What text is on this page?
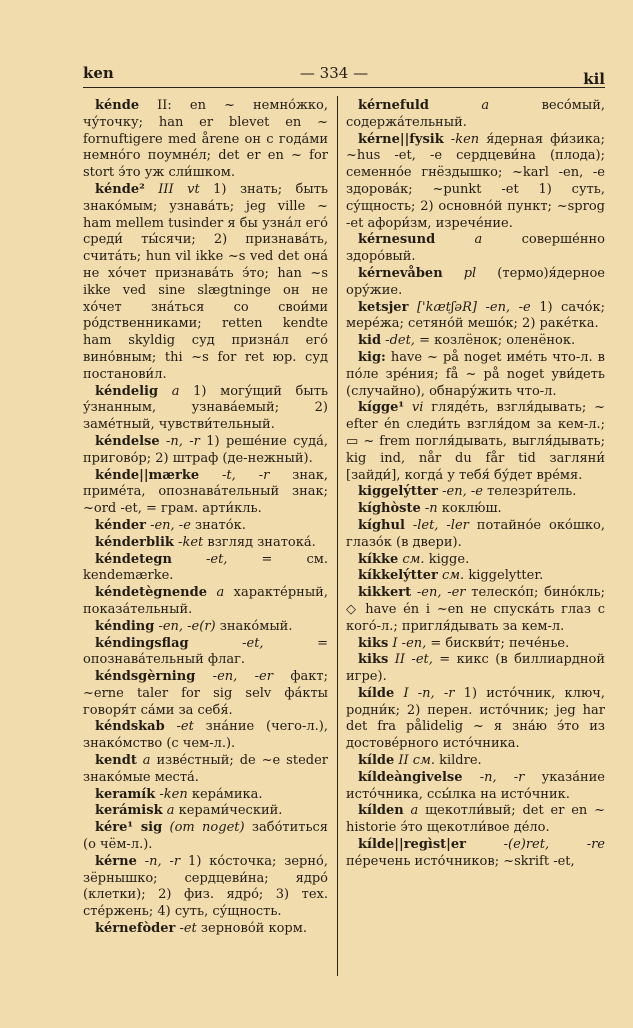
ken	— 334 —	kil

kénde II: en ~ немно́жко, чу́точку; han er blevet en ~ fornuftigere med årene он с года́ми немно́го поумне́л; det er en ~ for stort э́то уж сли́шком.

kénde² III vt 1) знать; быть знако́мым; узнава́ть; jeg ville ~ ham mellem tusinder я бы узна́л его́ среди́ ты́сячи; 2) признава́ть, счита́ть; hun vil ikke ~s ved det она́ не хо́чет признава́ть э́то; han ~s ikke ved sine slægtninge он не хо́чет зна́ться со свои́ми ро́дственниками; retten kendte ham skyldig суд призна́л его́ вино́вным; thi ~s for ret юр. суд постанови́л.

kéndelig a 1) могу́щий быть у́знанным, узнава́емый; 2) заме́тный, чувстви́тельный.

kéndelse -n, -r 1) реше́ние суда́, пригово́р; 2) штраф (де-нежный).

kénde||mærke -t, -r знак, приме́та, опознава́тельный знак; ~ord -et, = грам. арти́кль.

kénder -en, -e знато́к.

kénderblik -ket взгляд знатока́.

kéndetegn -et, = см. kendemærke.

kéndetègnende a характе́рный, показа́тельный.

kénding -en, -e(r) знако́мый.

kéndingsflag -et, = опознава́тельный флаг.

kéndsgèrning -en, -er факт; ~erne taler for sig selv фа́кты говоря́т са́ми за себя́.

kéndskab -et зна́ние (чего-л.), знако́мство (с чем-л.).

kendt a изве́стный; de ~e steder знако́мые места́.

keramík -ken кера́мика.

kerámisk a керами́ческий.

kére¹ sig (om noget) забо́титься (о чём-л.).

kérne -n, -r 1) ко́сточка; зерно́, зёрнышко; сердцеви́на; ядро́ (клетки); 2) физ. ядро́; 3) тех. сте́ржень; 4) суть, су́щность.

kérnefòder -et зерново́й корм.

kérnefuld a весо́мый, содержа́тельный.

kérne||fysik -ken я́дерная фи́зика; ~hus -et, -e сердцеви́на (плода); семенно́е гнёздышко; ~karl -en, -e здорова́к; ~punkt -et 1) суть, су́щность; 2) основно́й пункт; ~sprog -et афори́зм, изрече́ние.

kérnesund a соверше́нно здоро́вый.

kérnevåben pl (термо)я́дерное ору́жие.

ketsjer ['kætʃəR] -en, -e 1) сачо́к; мере́жа; сетяно́й мешо́к; 2) раке́тка.

kid -det, = козлёнок; оленёнок.

kig: have ~ på noget име́ть что-л. в по́ле зре́ния; få ~ på noget уви́деть (случайно), обнару́жить что-л.

kígge¹ vi глядéть, взгля́дывать; ~ efter én следи́ть взгля́дом за кем-л.; ▭ ~ frem погля́дывать, выгля́дывать; kig ind, når du får tid загляни́ [зайди́], когда́ у тебя́ бу́дет вре́мя.

kiggelýtter -en, -e телезри́тель.

kíghòste -n коклю́ш.

kíghul -let, -ler потайно́е око́шко, глазо́к (в двери).

kíkke см. kigge.

kíkkelýtter см. kiggelytter.

kikkert -en, -er телеско́п; бино́кль; ◇ have én i ~en не спуска́ть глаз с кого́-л.; пригля́дывать за кем-л.

kiks I -en, = бискви́т; пече́нье.

kiks II -et, = кикс (в биллиардной игре).

kílde I -n, -r 1) исто́чник, ключ, родни́к; 2) перен. исто́чник; jeg har det fra pålidelig ~ я зна́ю э́то из достове́рного исто́чника.

kílde II см. kildre.

kíldeàngivelse -n, -r указа́ние исто́чника, ссы́лка на исто́чник.

kílden a щекотли́вый; det er en ~ historie э́то щекотли́вое де́ло.

kílde||regìst|er -(e)ret, -re пе́речень исто́чников; ~skrift -et,
